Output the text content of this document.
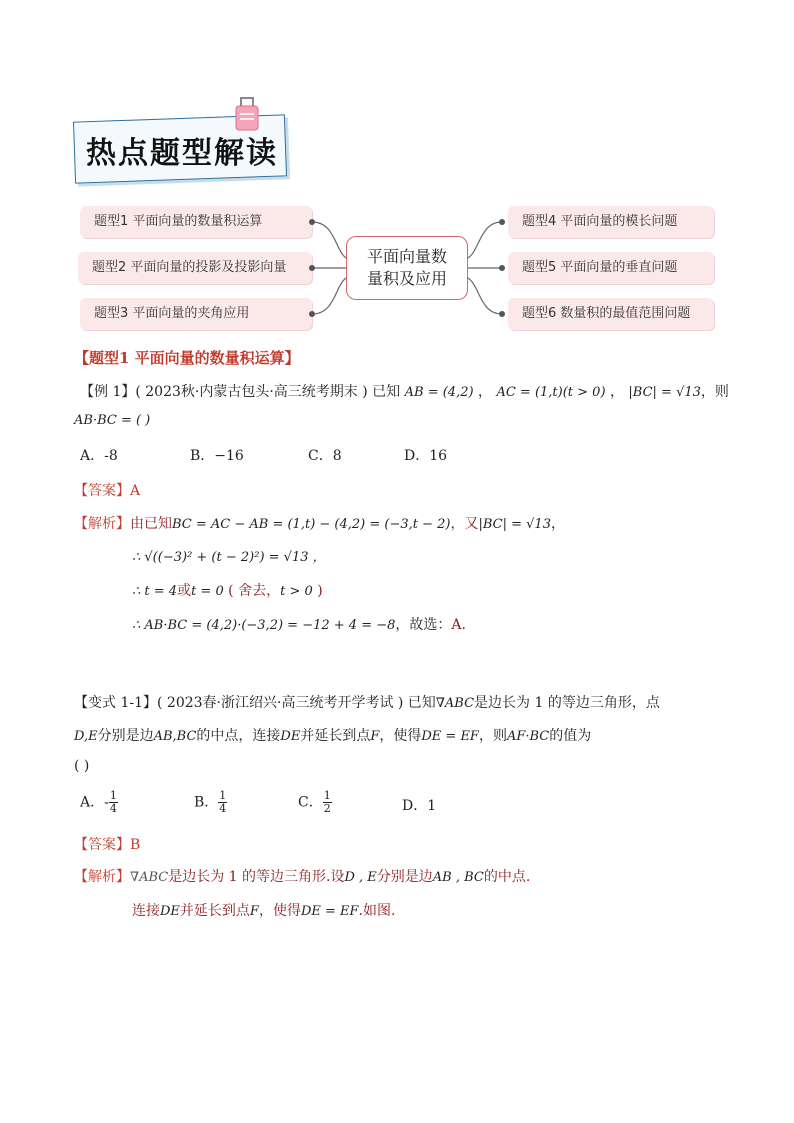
热点题型解读
题型1 平面向量的数量积运算
题型2 平面向量的投影及投影向量
题型3 平面向量的夹角应用
题型4 平面向量的模长问题
题型5 平面向量的垂直问题
题型6 数量积的最值范围问题
平面向量数
量积及应用
【题型1 平面向量的数量积运算】
【例 1】( 2023秋·内蒙古包头·高三统考期末 ) 已知 AB = (4,2) ， AC = (1,t)(t > 0) ， |BC| = √13，则
AB·BC = ( )
A．-8	B．−16	C．8	D．16
【答案】A
【解析】由已知BC = AC − AB = (1,t) − (4,2) = (−3,t − 2)，又|BC| = √13，
∴ √((−3)² + (t − 2)²) = √13 ，
∴ t = 4或t = 0 ( 舍去，t > 0 )
∴ AB·BC = (4,2)·(−3,2) = −12 + 4 = −8，故选：A.
【变式 1-1】( 2023春·浙江绍兴·高三统考开学考试 ) 已知∇ABC是边长为 1 的等边三角形，点
D,E分别是边AB,BC的中点，连接DE并延长到点F，使得DE = EF，则AF·BC的值为
( )
A．- $\frac{1}{4}$	B． $\frac{1}{4}$	C． $\frac{1}{2}$	D．1
【答案】B
【解析】∇ABC是边长为 1 的等边三角形.设D , E分别是边AB , BC的中点.
连接DE并延长到点F，使得DE = EF.如图.
